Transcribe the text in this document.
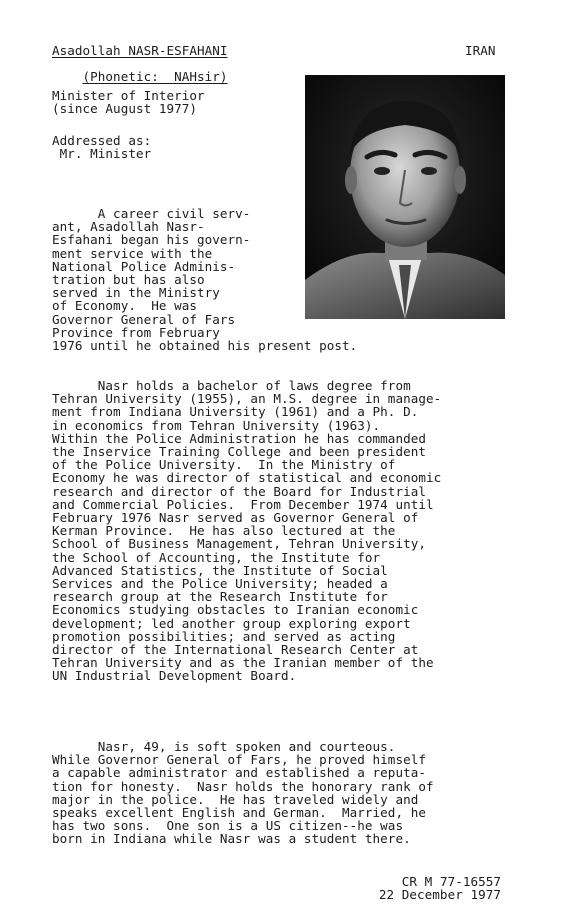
Asadollah NASR-ESFAHANI

(Phonetic:  NAHsir)

IRAN
Minister of Interior
(since August 1977)
Addressed as:
Mr. Minister
A career civil serv-
ant, Asadollah Nasr-
Esfahani began his govern-
ment service with the
National Police Adminis-
tration but has also
served in the Ministry
of Economy.  He was
Governor General of Fars
Province from February
1976 until he obtained his present post.
Nasr holds a bachelor of laws degree from
Tehran University (1955), an M.S. degree in manage-
ment from Indiana University (1961) and a Ph. D.
in economics from Tehran University (1963).
Within the Police Administration he has commanded
the Inservice Training College and been president
of the Police University.  In the Ministry of
Economy he was director of statistical and economic
research and director of the Board for Industrial
and Commercial Policies.  From December 1974 until
February 1976 Nasr served as Governor General of
Kerman Province.  He has also lectured at the
School of Business Management, Tehran University,
the School of Accounting, the Institute for
Advanced Statistics, the Institute of Social
Services and the Police University; headed a
research group at the Research Institute for
Economics studying obstacles to Iranian economic
development; led another group exploring export
promotion possibilities; and served as acting
director of the International Research Center at
Tehran University and as the Iranian member of the
UN Industrial Development Board.
Nasr, 49, is soft spoken and courteous.
While Governor General of Fars, he proved himself
a capable administrator and established a reputa-
tion for honesty.  Nasr holds the honorary rank of
major in the police.  He has traveled widely and
speaks excellent English and German.  Married, he
has two sons.  One son is a US citizen--he was
born in Indiana while Nasr was a student there.
CR M 77-16557
22 December 1977
